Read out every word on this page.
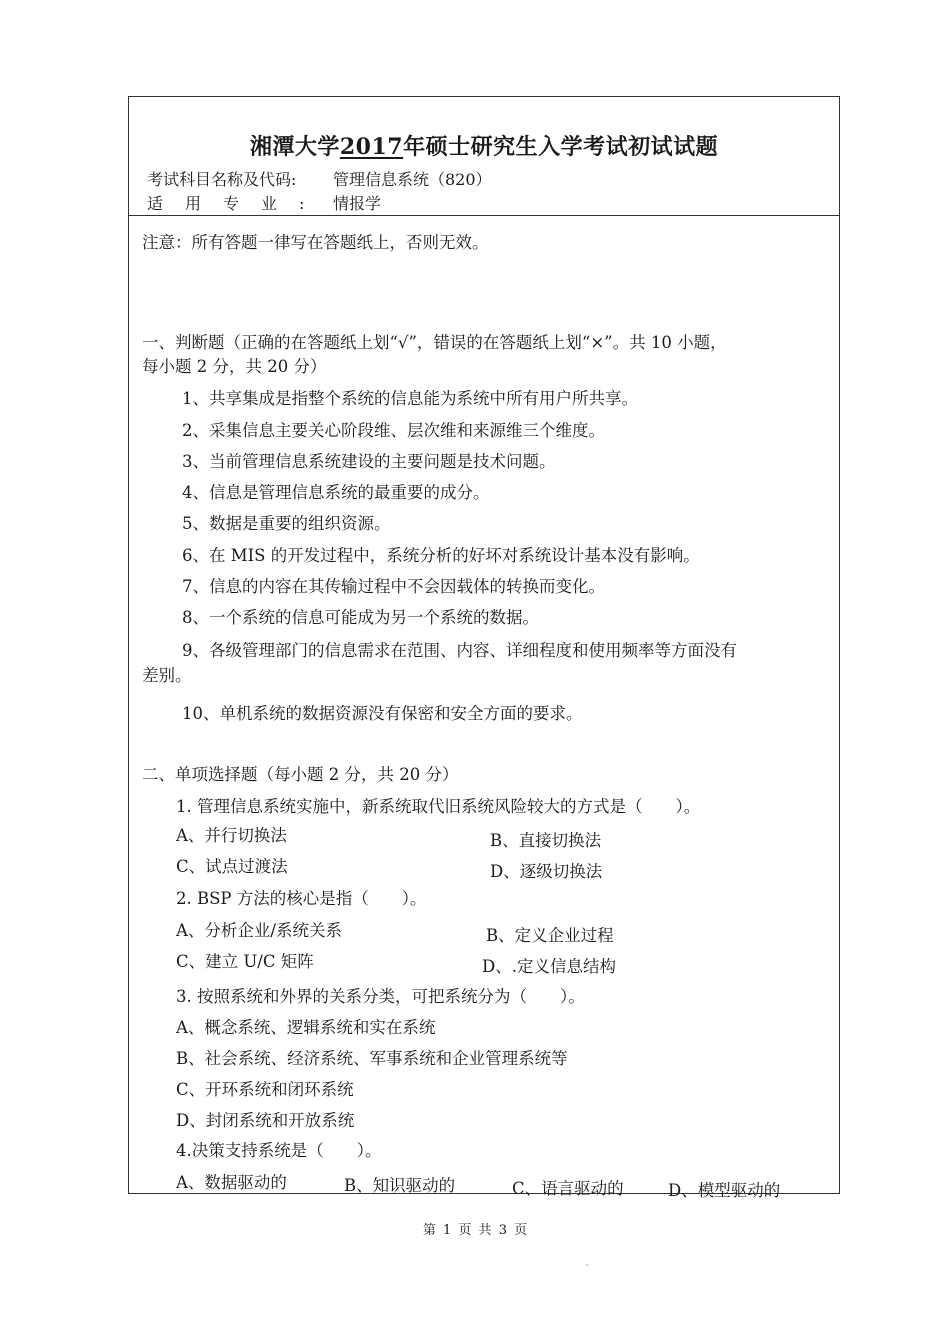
湘潭大学2017年硕士研究生入学考试初试试题
考试科目名称及代码: 管理信息系统（820）
适用专业: 情报学
注意：所有答题一律写在答题纸上，否则无效。
一、判断题（正确的在答题纸上划“√”，错误的在答题纸上划“×”。共 10 小题，
每小题 2 分，共 20 分）
1、共享集成是指整个系统的信息能为系统中所有用户所共享。
2、采集信息主要关心阶段维、层次维和来源维三个维度。
3、当前管理信息系统建设的主要问题是技术问题。
4、信息是管理信息系统的最重要的成分。
5、数据是重要的组织资源。
6、在 MIS 的开发过程中，系统分析的好坏对系统设计基本没有影响。
7、信息的内容在其传输过程中不会因载体的转换而变化。
8、一个系统的信息可能成为另一个系统的数据。
9、各级管理部门的信息需求在范围、内容、详细程度和使用频率等方面没有
差别。
10、单机系统的数据资源没有保密和安全方面的要求。
二、单项选择题（每小题 2 分，共 20 分）
1. 管理信息系统实施中，新系统取代旧系统风险较大的方式是（　　）。
A、并行切换法	B、直接切换法
C、试点过渡法	D、逐级切换法
2. BSP 方法的核心是指（　　）。
A、分析企业/系统关系	B、定义企业过程
C、建立 U/C 矩阵	D、.定义信息结构
3. 按照系统和外界的关系分类，可把系统分为（　　）。
A、概念系统、逻辑系统和实在系统
B、社会系统、经济系统、军事系统和企业管理系统等
C、开环系统和闭环系统
D、封闭系统和开放系统
4.决策支持系统是（　　）。
A、数据驱动的	B、知识驱动的	C、语言驱动的	D、模型驱动的
第 1 页 共 3 页
ˇ
